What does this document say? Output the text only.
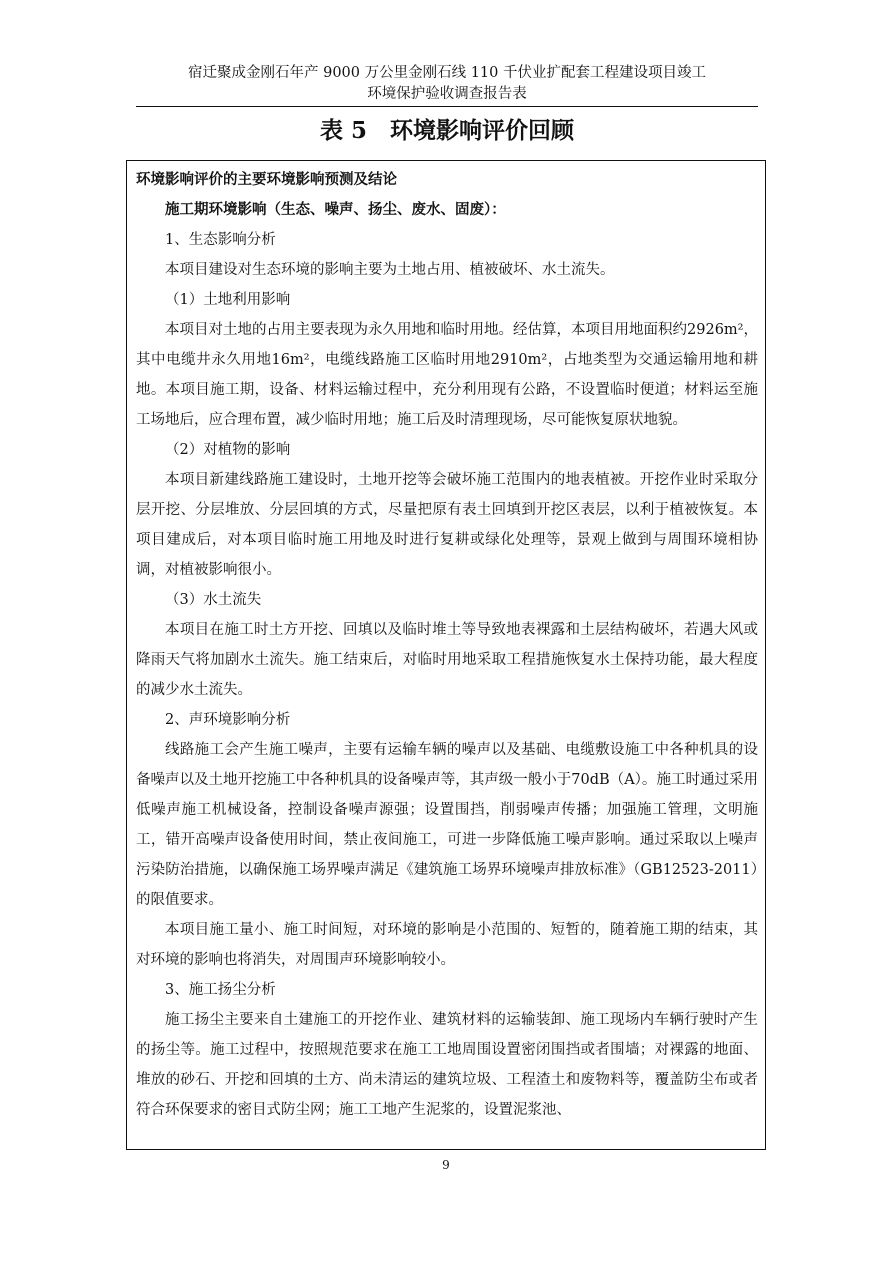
宿迁聚成金刚石年产 9000 万公里金刚石线 110 千伏业扩配套工程建设项目竣工
环境保护验收调查报告表
表 5　环境影响评价回顾
环境影响评价的主要环境影响预测及结论
施工期环境影响（生态、噪声、扬尘、废水、固废）：
1、生态影响分析
本项目建设对生态环境的影响主要为土地占用、植被破坏、水土流失。
（1）土地利用影响
本项目对土地的占用主要表现为永久用地和临时用地。经估算，本项目用地面积约2926m²，其中电缆井永久用地16m²，电缆线路施工区临时用地2910m²，占地类型为交通运输用地和耕地。本项目施工期，设备、材料运输过程中，充分利用现有公路，不设置临时便道；材料运至施工场地后，应合理布置，减少临时用地；施工后及时清理现场，尽可能恢复原状地貌。
（2）对植物的影响
本项目新建线路施工建设时，土地开挖等会破坏施工范围内的地表植被。开挖作业时采取分层开挖、分层堆放、分层回填的方式，尽量把原有表土回填到开挖区表层，以利于植被恢复。本项目建成后，对本项目临时施工用地及时进行复耕或绿化处理等，景观上做到与周围环境相协调，对植被影响很小。
（3）水土流失
本项目在施工时土方开挖、回填以及临时堆土等导致地表裸露和土层结构破坏，若遇大风或降雨天气将加剧水土流失。施工结束后，对临时用地采取工程措施恢复水土保持功能，最大程度的减少水土流失。
2、声环境影响分析
线路施工会产生施工噪声，主要有运输车辆的噪声以及基础、电缆敷设施工中各种机具的设备噪声以及土地开挖施工中各种机具的设备噪声等，其声级一般小于70dB（A）。施工时通过采用低噪声施工机械设备，控制设备噪声源强；设置围挡，削弱噪声传播；加强施工管理，文明施工，错开高噪声设备使用时间，禁止夜间施工，可进一步降低施工噪声影响。通过采取以上噪声污染防治措施，以确保施工场界噪声满足《建筑施工场界环境噪声排放标准》（GB12523-2011）的限值要求。
本项目施工量小、施工时间短，对环境的影响是小范围的、短暂的，随着施工期的结束，其对环境的影响也将消失，对周围声环境影响较小。
3、施工扬尘分析
施工扬尘主要来自土建施工的开挖作业、建筑材料的运输装卸、施工现场内车辆行驶时产生的扬尘等。施工过程中，按照规范要求在施工工地周围设置密闭围挡或者围墙；对裸露的地面、堆放的砂石、开挖和回填的土方、尚未清运的建筑垃圾、工程渣土和废物料等，覆盖防尘布或者符合环保要求的密目式防尘网；施工工地产生泥浆的，设置泥浆池、
9
